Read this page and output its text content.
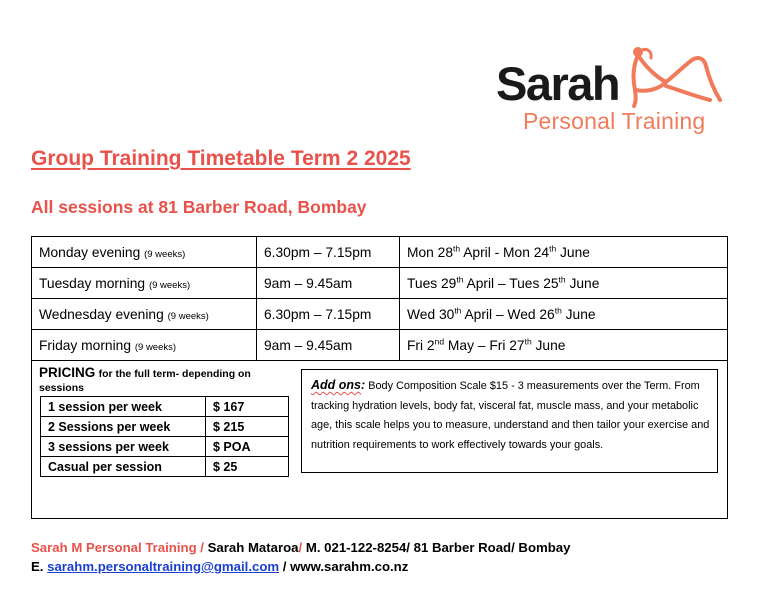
Sarah
Personal Training
Group Training Timetable Term 2 2025
All sessions at 81 Barber Road, Bombay
Monday evening (9 weeks)	6.30pm – 7.15pm	Mon 28th April - Mon 24th June
Tuesday morning (9 weeks)	9am – 9.45am	Tues 29th April – Tues 25th June
Wednesday evening (9 weeks)	6.30pm – 7.15pm	Wed 30th April – Wed 26th June
Friday morning (9 weeks)	9am – 9.45am	Fri 2nd May – Fri 27th June
PRICING for the full term- depending on sessions
1 session per week	$ 167
2 Sessions per week	$ 215
3 sessions per week	$ POA
Casual per session	$ 25
Add ons: Body Composition Scale $15 - 3 measurements over the Term. From tracking hydration levels, body fat, visceral fat, muscle mass, and your metabolic age, this scale helps you to measure, understand and then tailor your exercise and nutrition requirements to work effectively towards your goals.
Sarah M Personal Training / Sarah Mataroa/ M. 021-122-8254/ 81 Barber Road/ Bombay
E. sarahm.personaltraining@gmail.com / www.sarahm.co.nz
